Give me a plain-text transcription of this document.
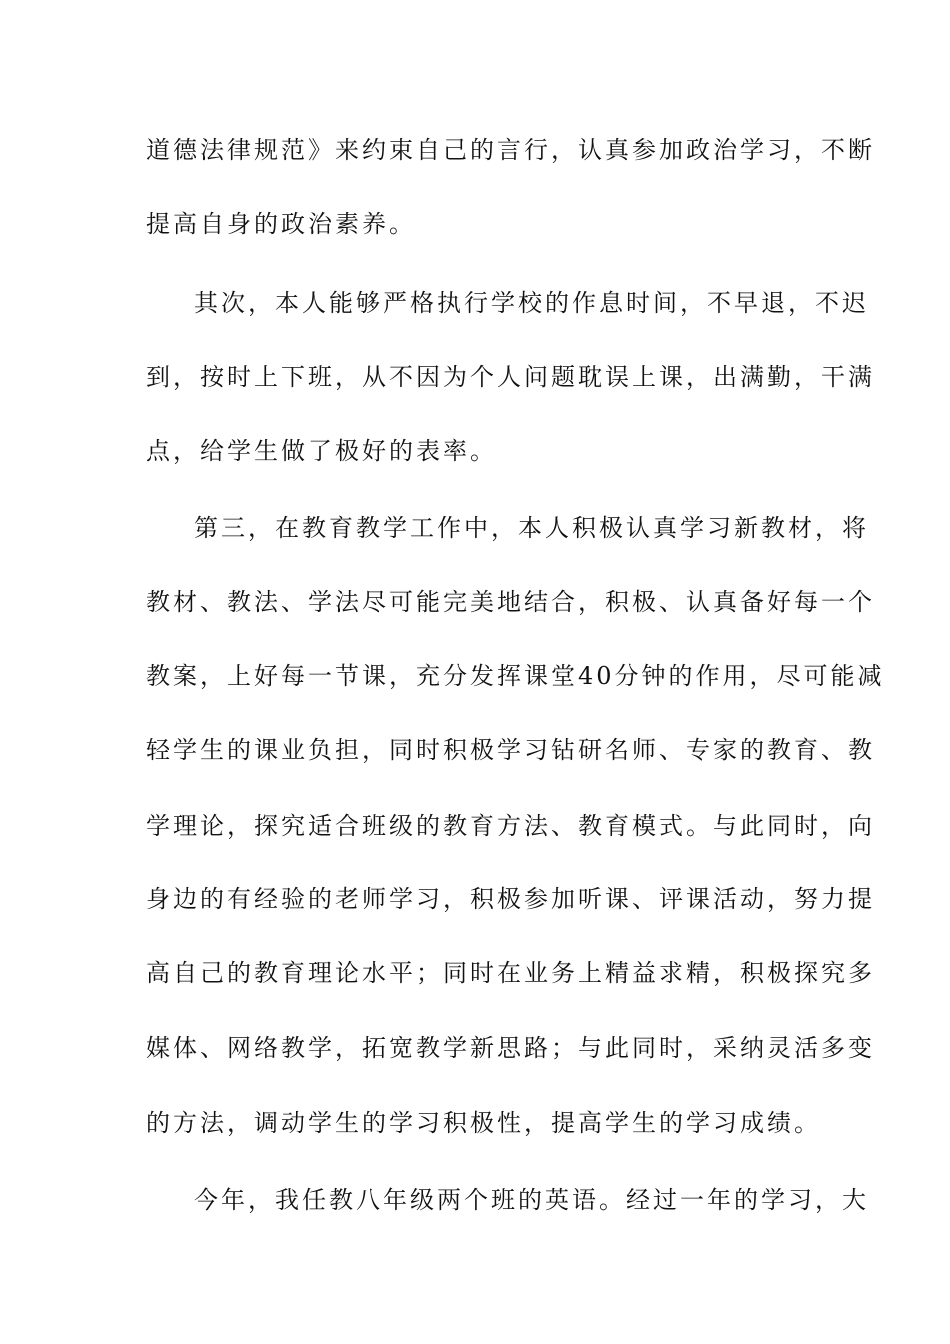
道德法律规范》来约束自己的言行，认真参加政治学习，不断
提高自身的政治素养。
其次，本人能够严格执行学校的作息时间，不早退，不迟
到，按时上下班，从不因为个人问题耽误上课，出满勤，干满
点，给学生做了极好的表率。
第三，在教育教学工作中，本人积极认真学习新教材，将
教材、教法、学法尽可能完美地结合，积极、认真备好每一个
教案，上好每一节课，充分发挥课堂40分钟的作用，尽可能减
轻学生的课业负担，同时积极学习钻研名师、专家的教育、教
学理论，探究适合班级的教育方法、教育模式。与此同时，向
身边的有经验的老师学习，积极参加听课、评课活动，努力提
高自己的教育理论水平；同时在业务上精益求精，积极探究多
媒体、网络教学，拓宽教学新思路；与此同时，采纳灵活多变
的方法，调动学生的学习积极性，提高学生的学习成绩。
今年，我任教八年级两个班的英语。经过一年的学习，大
